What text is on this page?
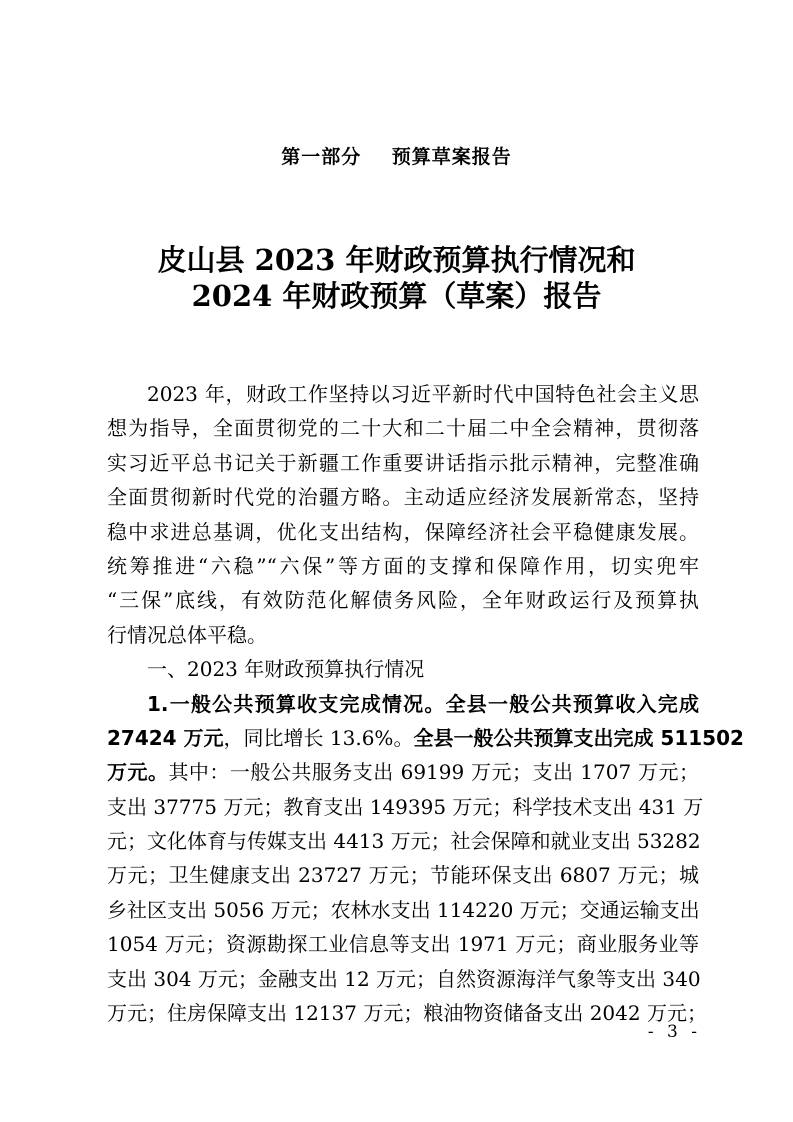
第一部分    预算草案报告
皮山县 2023 年财政预算执行情况和
2024 年财政预算（草案）报告
2023 年，财政工作坚持以习近平新时代中国特色社会主义思
想为指导，全面贯彻党的二十大和二十届二中全会精神，贯彻落
实习近平总书记关于新疆工作重要讲话指示批示精神，完整准确
全面贯彻新时代党的治疆方略。主动适应经济发展新常态，坚持
稳中求进总基调，优化支出结构，保障经济社会平稳健康发展。
统筹推进“六稳”“六保”等方面的支撑和保障作用，切实兜牢
“三保”底线，有效防范化解债务风险，全年财政运行及预算执
行情况总体平稳。
一、2023 年财政预算执行情况
1.一般公共预算收支完成情况。全县一般公共预算收入完成
27424 万元，同比增长 13.6%。全县一般公共预算支出完成 511502
万元。其中：一般公共服务支出 69199 万元；支出 1707 万元；
支出 37775 万元；教育支出 149395 万元；科学技术支出 431 万
元；文化体育与传媒支出 4413 万元；社会保障和就业支出 53282
万元；卫生健康支出 23727 万元；节能环保支出 6807 万元；城
乡社区支出 5056 万元；农林水支出 114220 万元；交通运输支出
1054 万元；资源勘探工业信息等支出 1971 万元；商业服务业等
支出 304 万元；金融支出 12 万元；自然资源海洋气象等支出 340
万元；住房保障支出 12137 万元；粮油物资储备支出 2042 万元；
- 3 -
